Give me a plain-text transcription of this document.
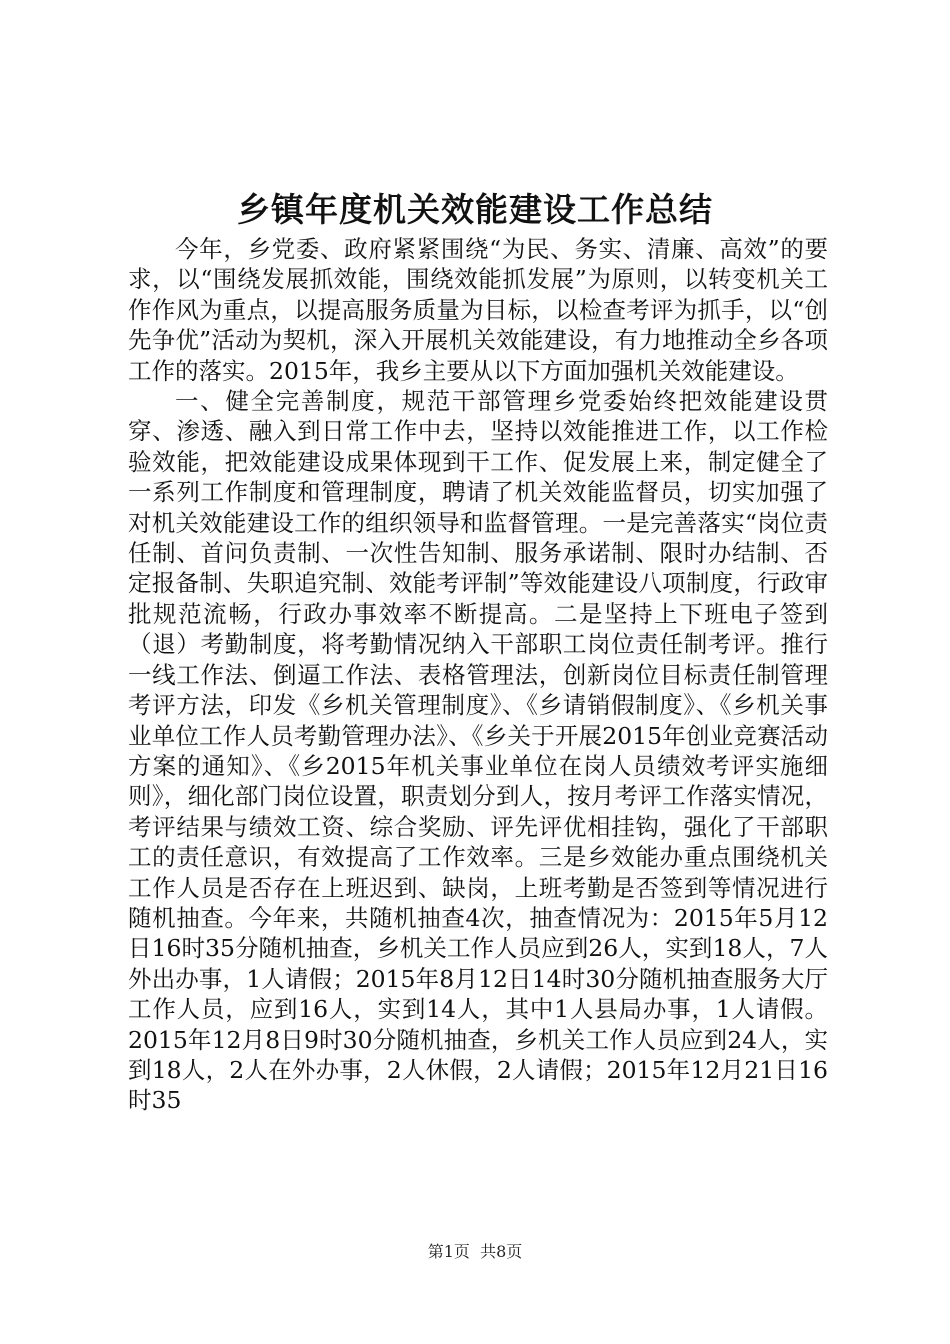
乡镇年度机关效能建设工作总结

今年，乡党委、政府紧紧围绕“为民、务实、清廉、高效”的要求，以“围绕发展抓效能，围绕效能抓发展”为原则，以转变机关工作作风为重点，以提高服务质量为目标，以检查考评为抓手，以“创先争优”活动为契机，深入开展机关效能建设，有力地推动全乡各项工作的落实。2015年，我乡主要从以下方面加强机关效能建设。

一、健全完善制度，规范干部管理乡党委始终把效能建设贯穿、渗透、融入到日常工作中去，坚持以效能推进工作，以工作检验效能，把效能建设成果体现到干工作、促发展上来，制定健全了一系列工作制度和管理制度，聘请了机关效能监督员，切实加强了对机关效能建设工作的组织领导和监督管理。一是完善落实“岗位责任制、首问负责制、一次性告知制、服务承诺制、限时办结制、否定报备制、失职追究制、效能考评制”等效能建设八项制度，行政审批规范流畅，行政办事效率不断提高。二是坚持上下班电子签到（退）考勤制度，将考勤情况纳入干部职工岗位责任制考评。推行一线工作法、倒逼工作法、表格管理法，创新岗位目标责任制管理考评方法，印发《乡机关管理制度》、《乡请销假制度》、《乡机关事业单位工作人员考勤管理办法》、《乡关于开展2015年创业竞赛活动方案的通知》、《乡2015年机关事业单位在岗人员绩效考评实施细则》，细化部门岗位设置，职责划分到人，按月考评工作落实情况，考评结果与绩效工资、综合奖励、评先评优相挂钩，强化了干部职工的责任意识，有效提高了工作效率。三是乡效能办重点围绕机关工作人员是否存在上班迟到、缺岗，上班考勤是否签到等情况进行随机抽查。今年来，共随机抽查4次，抽查情况为：2015年5月12日16时35分随机抽查，乡机关工作人员应到26人，实到18人，7人外出办事，1人请假；2015年8月12日14时30分随机抽查服务大厅工作人员，应到16人，实到14人，其中1人县局办事，1人请假。2015年12月8日9时30分随机抽查，乡机关工作人员应到24人，实到18人，2人在外办事，2人休假，2人请假；2015年12月21日16时35

第1页  共8页
